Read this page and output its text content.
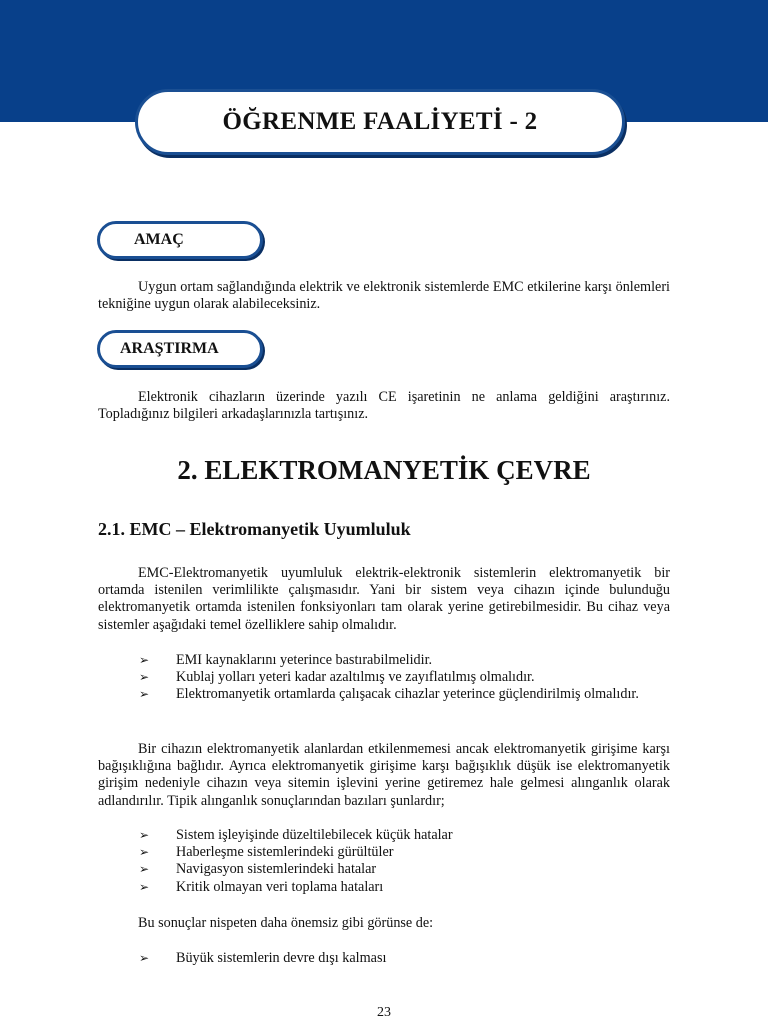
ÖĞRENME FAALİYETİ - 2
AMAÇ

Uygun ortam sağlandığında elektrik ve elektronik sistemlerde EMC etkilerine karşı önlemleri tekniğine uygun olarak alabileceksiniz.

ARAŞTIRMA

Elektronik cihazların üzerinde yazılı CE işaretinin ne anlama geldiğini araştırınız. Topladığınız bilgileri arkadaşlarınızla tartışınız.

2. ELEKTROMANYETİK ÇEVRE
2.1. EMC – Elektromanyetik Uyumluluk

EMC-Elektromanyetik uyumluluk elektrik-elektronik sistemlerin elektromanyetik bir ortamda istenilen verimlilikte çalışmasıdır. Yani bir sistem veya cihazın içinde bulunduğu elektromanyetik ortamda istenilen fonksiyonları tam olarak yerine getirebilmesidir. Bu cihaz veya sistemler aşağıdaki temel özelliklere sahip olmalıdır.

➢ EMI kaynaklarını yeterince bastırabilmelidir.
➢ Kublaj yolları yeteri kadar azaltılmış ve zayıflatılmış olmalıdır.
➢ Elektromanyetik ortamlarda çalışacak cihazlar yeterince güçlendirilmiş olmalıdır.

Bir cihazın elektromanyetik alanlardan etkilenmemesi ancak elektromanyetik girişime karşı bağışıklığına bağlıdır. Ayrıca elektromanyetik girişime karşı bağışıklık düşük ise elektromanyetik girişim nedeniyle cihazın veya sitemin işlevini yerine getiremez hale gelmesi alınganlık olarak adlandırılır. Tipik alınganlık sonuçlarından bazıları şunlardır;

➢ Sistem işleyişinde düzeltilebilecek küçük hatalar
➢ Haberleşme sistemlerindeki gürültüler
➢ Navigasyon sistemlerindeki hatalar
➢ Kritik olmayan veri toplama hataları

Bu sonuçlar nispeten daha önemsiz gibi görünse de:

➢ Büyük sistemlerin devre dışı kalması
23
